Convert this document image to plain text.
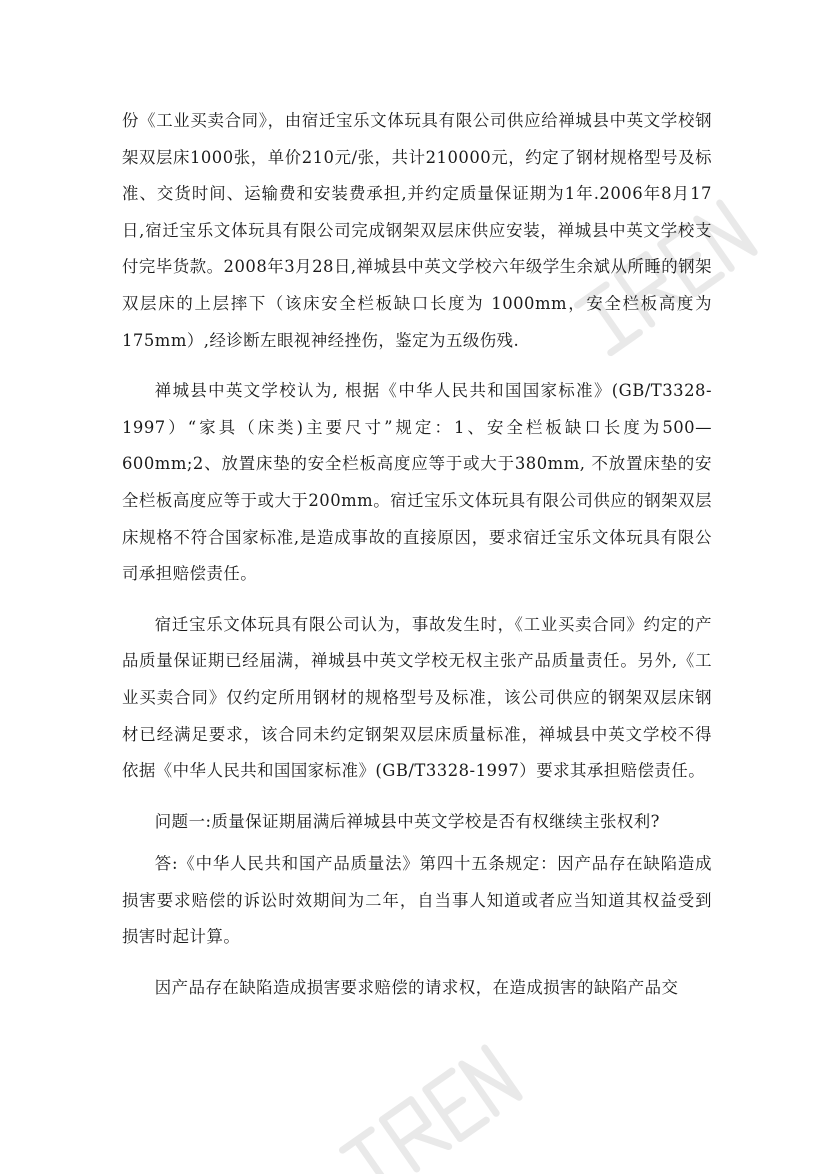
份《工业买卖合同》，由宿迁宝乐文体玩具有限公司供应给禅城县中英文学校钢架双层床1000张，单价210元/张，共计210000元，约定了钢材规格型号及标准、交货时间、运输费和安装费承担,并约定质量保证期为1年.2006年8月17日,宿迁宝乐文体玩具有限公司完成钢架双层床供应安装，禅城县中英文学校支付完毕货款。2008年3月28日,禅城县中英文学校六年级学生余斌从所睡的钢架双层床的上层摔下（该床安全栏板缺口长度为 1000mm，安全栏板高度为175mm）,经诊断左眼视神经挫伤，鉴定为五级伤残.

禅城县中英文学校认为, 根据《中华人民共和国国家标准》(GB/T3328-1997）“家具（床类)主要尺寸”规定：1、安全栏板缺口长度为500—600mm;2、放置床垫的安全栏板高度应等于或大于380mm, 不放置床垫的安全栏板高度应等于或大于200mm。宿迁宝乐文体玩具有限公司供应的钢架双层床规格不符合国家标准,是造成事故的直接原因，要求宿迁宝乐文体玩具有限公司承担赔偿责任。

宿迁宝乐文体玩具有限公司认为，事故发生时，《工业买卖合同》约定的产品质量保证期已经届满，禅城县中英文学校无权主张产品质量责任。另外,《工业买卖合同》仅约定所用钢材的规格型号及标准，该公司供应的钢架双层床钢材已经满足要求，该合同未约定钢架双层床质量标准，禅城县中英文学校不得依据《中华人民共和国国家标准》(GB/T3328-1997）要求其承担赔偿责任。

问题一:质量保证期届满后禅城县中英文学校是否有权继续主张权利?

答:《中华人民共和国产品质量法》第四十五条规定：因产品存在缺陷造成损害要求赔偿的诉讼时效期间为二年，自当事人知道或者应当知道其权益受到损害时起计算。

因产品存在缺陷造成损害要求赔偿的请求权，在造成损害的缺陷产品交
